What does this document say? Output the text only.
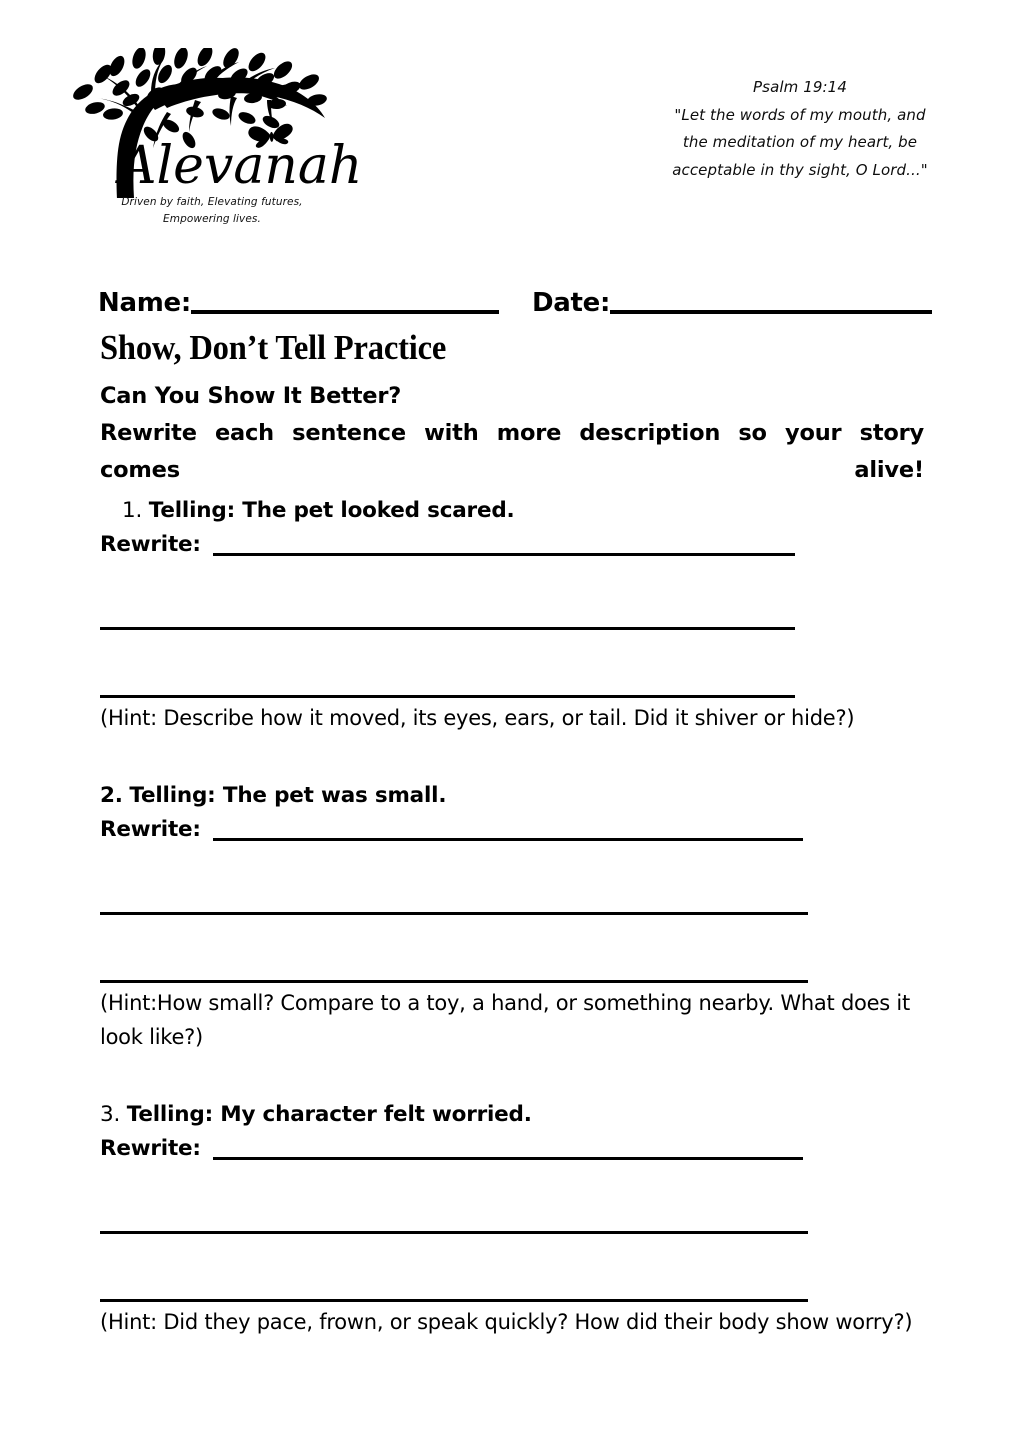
Alevanah
Driven by faith, Elevating futures,
Empowering lives.
Psalm 19:14
"Let the words of my mouth, and
the meditation of my heart, be
acceptable in thy sight, O Lord..."
Name:	Date:
Show, Don’t Tell Practice
Can You Show It Better?
Rewrite each sentence with more description so your story comes alive!
1. Telling: The pet looked scared.
Rewrite:
(Hint: Describe how it moved, its eyes, ears, or tail. Did it shiver or hide?)
2. Telling: The pet was small.
Rewrite:
(Hint:How small? Compare to a toy, a hand, or something nearby. What does it look like?)
3. Telling: My character felt worried.
Rewrite:
(Hint: Did they pace, frown, or speak quickly? How did their body show worry?)
